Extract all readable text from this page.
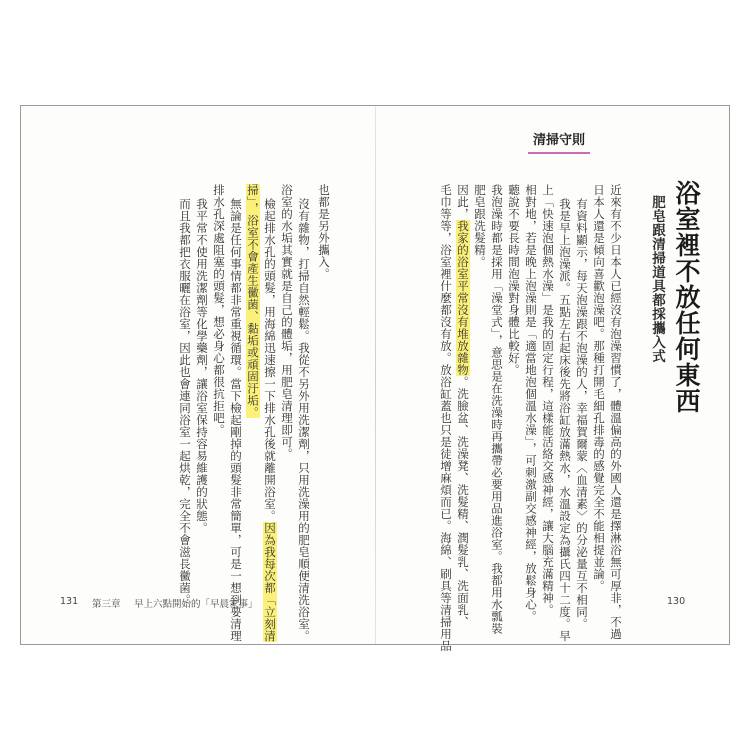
清掃守則
浴室裡不放任何東西
肥皂跟清掃道具都採攜入式
近來有不少日本人已經沒有泡澡習慣了，體溫偏高的外國人還是擇淋浴無可厚非，不過
日本人還是傾向喜歡泡澡吧。那種打開毛細孔排毒的感覺完全不能相提並論。
有資料顯示，每天泡澡跟不泡澡的人，幸福賀爾蒙〈血清素〉的分泌量互不相同。
我是早上泡澡派。五點左右起床後先將浴缸放滿熱水，水溫設定為攝氏四十二度。早
上「快速泡個熱水澡」是我的固定行程，這樣能活絡交感神經，讓大腦充滿精神。
相對地，若是晚上泡澡則是「適當地泡個溫水澡」，可刺激副交感神經，放鬆身心。
聽說不要長時間泡澡對身體比較好。
我泡澡時都是採用「澡堂式」，意思是在洗澡時再攜帶必要用品進浴室。我都用水瓢裝
肥皂跟洗髮精。
因此，我家的浴室平常沒有堆放雜物。洗臉盆、洗澡凳、洗髮精、潤髮乳、洗面乳、
毛巾等等，浴室裡什麼都沒有放。放浴缸蓋也只是徒增麻煩而已。海綿、刷具等清掃用品
也都是另外攜入。
沒有雜物，打掃自然輕鬆。我從不另外用洗潔劑，只用洗澡用的肥皂順便清洗浴室。
浴室的水垢其實就是自己的體垢，用肥皂清理即可。
檢起排水孔的頭髮，用海綿迅速擦一下排水孔後就離開浴室。因為我每次都「立刻清
掃」，浴室不會產生黴菌、黏垢或頑固汙垢。
無論是任何事情都非常重視循環。當下檢起剛掉的頭髮非常簡單，可是一想到要清理
排水孔深處阻塞的頭髮，想必身心都很抗拒吧。
我平常不使用洗潔劑等化學藥劑，讓浴室保持容易維護的狀態。
而且我都把衣服曬在浴室，因此也會連同浴室一起烘乾，完全不會滋長黴菌。
131 第三章 早上六點開始的「早晨家事」	130
